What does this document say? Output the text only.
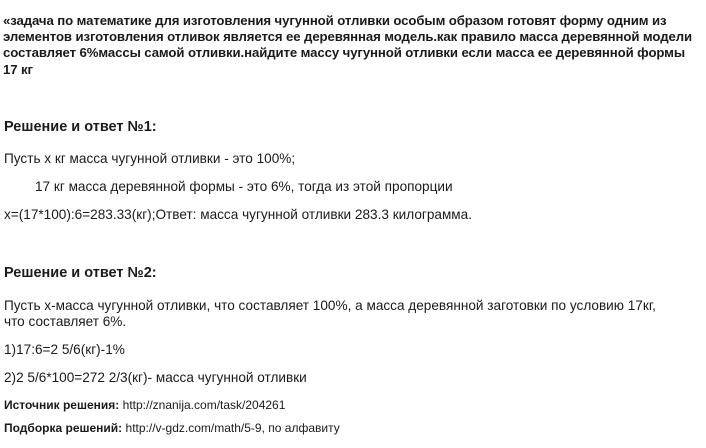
«задача по математике для изготовления чугунной отливки особым образом готовят форму одним из элементов изготовления отливок является ее деревянная модель.как правило масса деревянной модели составляет 6%массы самой отливки.найдите массу чугунной отливки если масса ее деревянной формы 17 кг
Решение и ответ №1:
Пусть х кг масса чугунной отливки - это 100%;
17 кг масса деревянной формы - это 6%, тогда из этой пропорции
х=(17*100):6=283.33(кг);Ответ: масса чугунной отливки 283.3 килограмма.
Решение и ответ №2:
Пусть х-масса чугунной отливки, что составляет 100%, а масса деревянной заготовки по условию 17кг, что составляет 6%.
1)17:6=2 5/6(кг)-1%
2)2 5/6*100=272 2/3(кг)- масса чугунной отливки
Источник решения: http://znanija.com/task/204261
Подборка решений: http://v-gdz.com/math/5-9, по алфавиту
